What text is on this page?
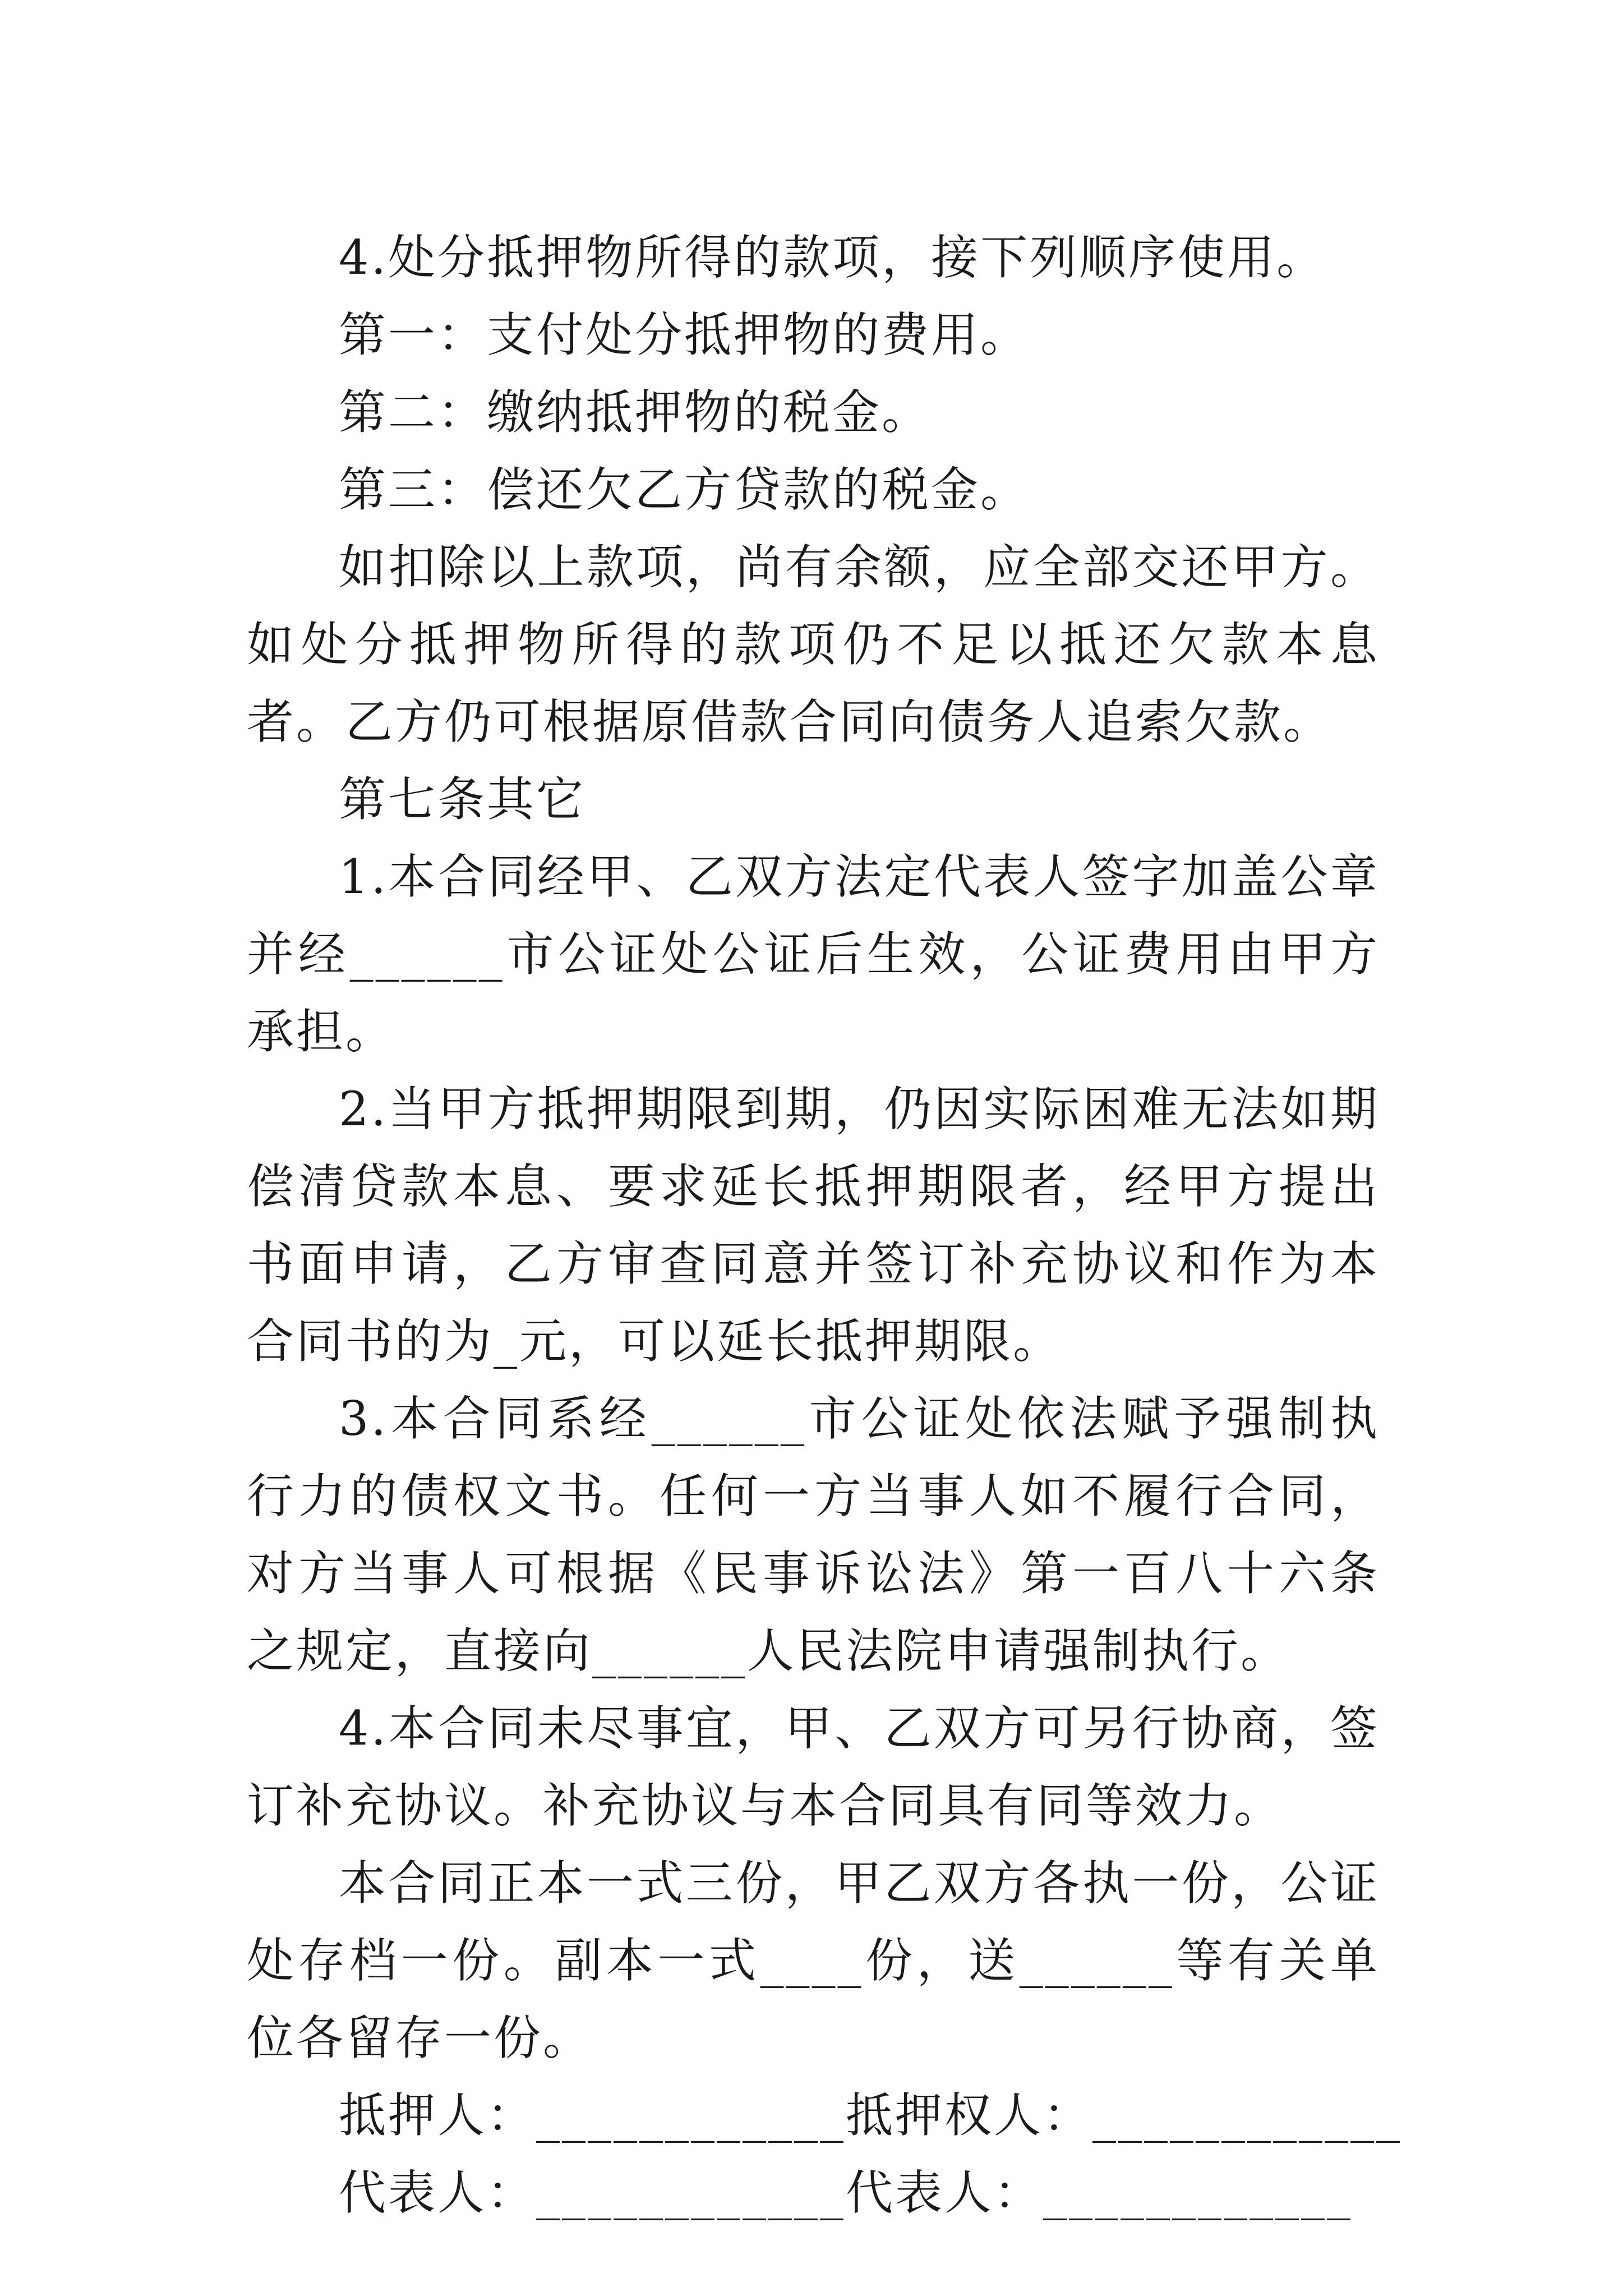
4.处分抵押物所得的款项，接下列顺序使用。

第一：支付处分抵押物的费用。

第二：缴纳抵押物的税金。

第三：偿还欠乙方贷款的税金。

如扣除以上款项，尚有余额，应全部交还甲方。如处分抵押物所得的款项仍不足以抵还欠款本息者。乙方仍可根据原借款合同向债务人追索欠款。

第七条其它

1.本合同经甲、乙双方法定代表人签字加盖公章并经______市公证处公证后生效，公证费用由甲方承担。

2.当甲方抵押期限到期，仍因实际困难无法如期偿清贷款本息、要求延长抵押期限者，经甲方提出书面申请，乙方审查同意并签订补充协议和作为本合同书的为_元，可以延长抵押期限。

3.本合同系经______市公证处依法赋予强制执行力的债权文书。任何一方当事人如不履行合同，对方当事人可根据《民事诉讼法》第一百八十六条之规定，直接向______人民法院申请强制执行。

4.本合同未尽事宜，甲、乙双方可另行协商，签订补充协议。补充协议与本合同具有同等效力。

本合同正本一式三份，甲乙双方各执一份，公证处存档一份。副本一式____份，送______等有关单位各留存一份。

抵押人：____________抵押权人：____________

代表人：____________代表人：____________
